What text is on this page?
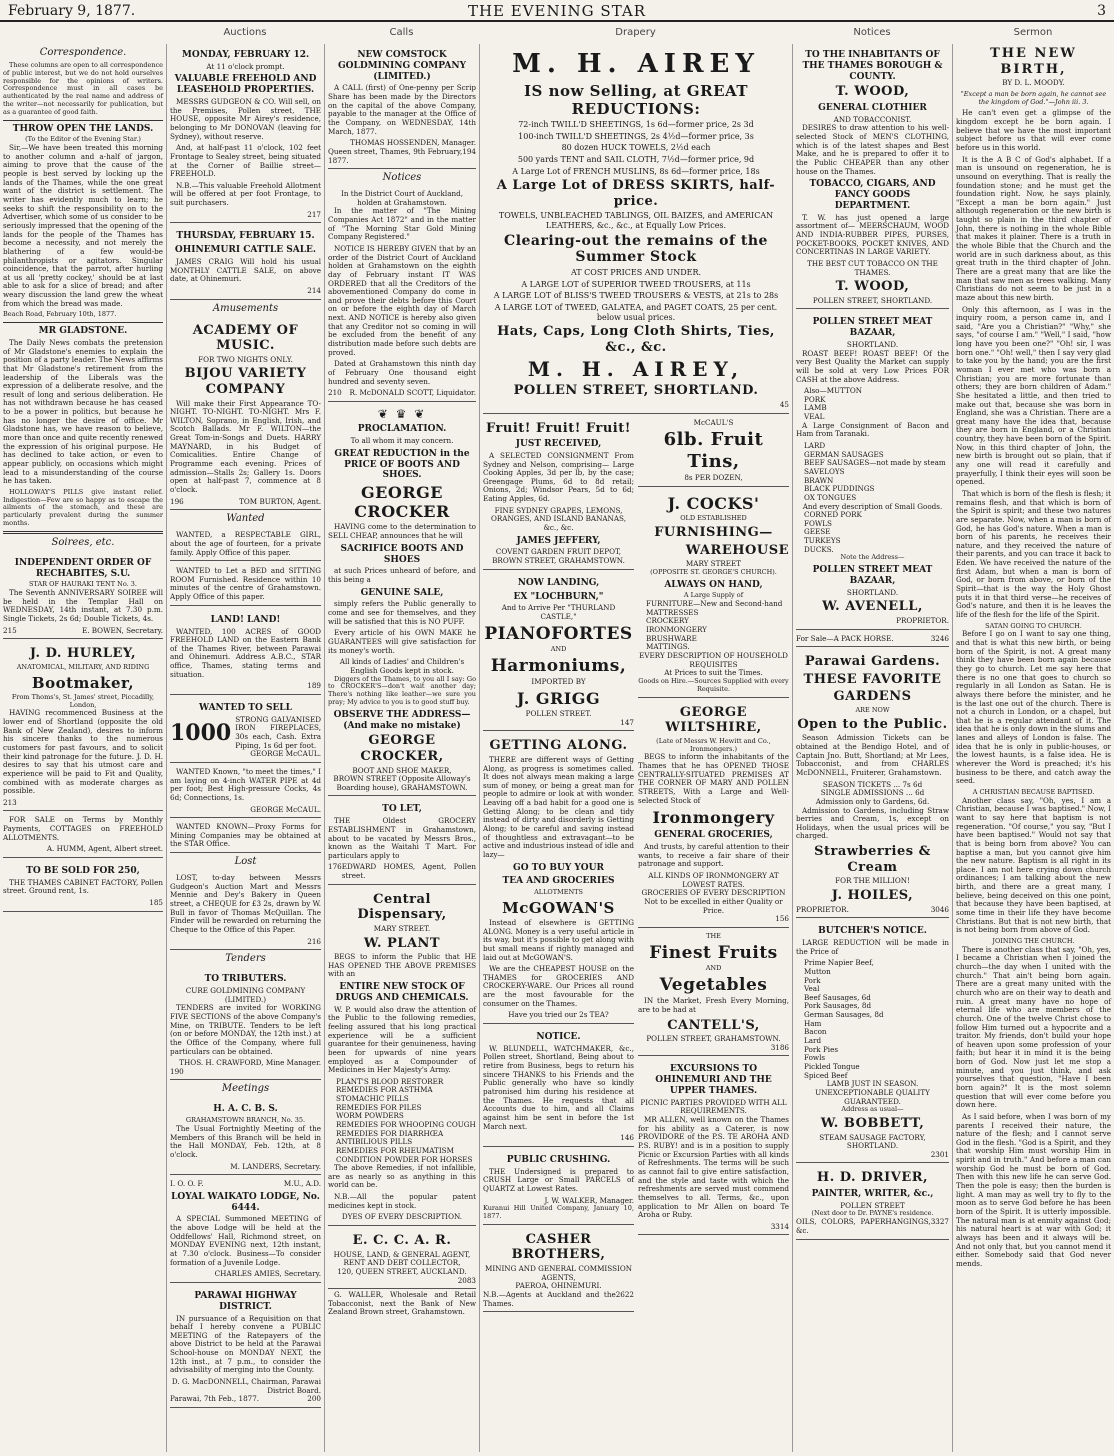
February 9, 1877.	THE EVENING STAR	3
Auctions	Calls	Drapery	Notices	Sermon
Correspondence.
These columns are open to all correspondence of public interest, but we do not hold ourselves responsible for the opinions of writers. Correspondence must in all cases be authenticated by the real name and address of the writer—not necessarily for publication, but as a guarantee of good faith.
THROW OPEN THE LANDS.
(To the Editor of the Evening Star.)
Sir,—We have been treated this morning to another column and a-half of jargon, aiming to prove that the cause of the people is best served by locking up the lands of the Thames, while the one great want of the district is settlement. The writer has evidently much to learn; he seeks to shift the responsibility on to the Advertiser, which some of us consider to be seriously impressed that the opening of the lands for the people of the Thames has become a necessity, and not merely the blathering of a few would-be philanthropists or agitators. Singular coincidence, that the parrot, after hurling at us all 'pretty cockey,' should be at last able to ask for a slice of bread; and after weary discussion the land grew the wheat from which the bread was made.
Beach Road, February 10th, 1877.
MR GLADSTONE.
The Daily News combats the pretension of Mr Gladstone's enemies to explain the position of a party leader. The News affirms that Mr Gladstone's retirement from the leadership of the Liberals was the expression of a deliberate resolve, and the result of long and serious deliberation. He has not withdrawn because he has ceased to be a power in politics, but because he has no longer the desire of office. Mr Gladstone has, we have reason to believe, more than once and quite recently renewed the expression of his original purpose. He has declined to take action, or even to appear publicly, on occasions which might lead to a misunderstanding of the course he has taken.
HOLLOWAY'S PILLS give instant relief. Indigestion—Few are so happy as to escape the ailments of the stomach, and these are particularly prevalent during the summer months.
Soirees, etc.
INDEPENDENT ORDER OF RECHABITES, S.U.
STAR OF HAURAKI TENT No. 3.
The Seventh ANNIVERSARY SOIREE will be held in the Templar Hall on WEDNESDAY, 14th instant, at 7.30 p.m. Single Tickets, 2s 6d; Double Tickets, 4s.
215	E. BOWEN, Secretary.
J. D. HURLEY,
ANATOMICAL, MILITARY, AND RIDING
Bootmaker,
From Thoms's, St. James' street, Piccadilly, London,
HAVING recommenced Business at the lower end of Shortland (opposite the old Bank of New Zealand), desires to inform his sincere thanks to the numerous customers for past favours, and to solicit their kind patronage for the future. J. D. H. desires to say that his utmost care and experience will be paid to Fit and Quality, combined with as moderate charges as possible.
213
FOR SALE on Terms by Monthly Payments, COTTAGES on FREEHOLD ALLOTMENTS.
A. HUMM, Agent, Albert street.
TO BE SOLD FOR 250,
THE THAMES CABINET FACTORY, Pollen street. Ground rent, 1s.
185
MONDAY, FEBRUARY 12.
At 11 o'clock prompt.
VALUABLE FREEHOLD AND LEASEHOLD PROPERTIES.
MESSRS GUDGEON & CO. Will sell, on the Premises, Pollen street, THE HOUSE, opposite Mr Airey's residence, belonging to Mr DONOVAN (leaving for Sydney), without reserve.
And, at half-past 11 o'clock, 102 feet Frontage to Sealey street, being situated at the Corner of Baillie street—FREEHOLD.
N.B.—This valuable Freehold Allotment will be offered at per foot Frontage, to suit purchasers.
217
THURSDAY, FEBRUARY 15.
OHINEMURI CATTLE SALE.
JAMES CRAIG Will hold his usual MONTHLY CATTLE SALE, on above date, at Ohinemuri.
214
Amusements
ACADEMY OF MUSIC.
FOR TWO NIGHTS ONLY.
BIJOU VARIETY COMPANY
Will make their First Appearance TO-NIGHT. TO-NIGHT. TO-NIGHT. Mrs F. WILTON, Soprano, in English, Irish, and Scotch Ballads. Mr F. WILTON—the Great Tom-in-Songs and Duets. HARRY MAYNARD, in his Budget of Comicalities. Entire Change of Programme each evening. Prices of admission—Stalls 2s; Gallery 1s. Doors open at half-past 7, commence at 8 o'clock.
196	TOM BURTON, Agent.
Wanted
WANTED, a RESPECTABLE GIRL, about the age of fourteen, for a private family. Apply Office of this paper.
WANTED to Let a BED and SITTING ROOM Furnished. Residence within 10 minutes of the centre of Grahamstown. Apply Office of this paper.
LAND! LAND!
WANTED, 100 ACRES of GOOD FREEHOLD LAND on the Eastern Bank of the Thames River, between Parawai and Ohinemuri. Address A.B.C., STAR office, Thames, stating terms and situation.
189
WANTED TO SELL
1000
STRONG GALVANISED IRON FIREPLACES, 30s each, Cash. Extra Piping, 1s 6d per foot.
GEORGE McCAUL.
WANTED Known, "to meet the times," I am laying on 4-inch WATER PIPE at 4d per foot; Best High-pressure Cocks, 4s 6d; Connections, 1s.
GEORGE McCAUL.
WANTED KNOWN—Proxy Forms for Mining Companies may be obtained at the STAR Office.
Lost
LOST, to-day between Messrs Gudgeon's Auction Mart and Messrs Mennie and Dey's Bakery in Queen street, a CHEQUE for £3 2s, drawn by W. Bull in favor of Thomas McQuillan. The Finder will be rewarded on returning the Cheque to the Office of this Paper.
216
Tenders
TO TRIBUTERS.
CURE GOLDMINING COMPANY (LIMITED.)
TENDERS are invited for WORKING FIVE SECTIONS of the above Company's Mine, on TRIBUTE. Tenders to be left (on or before MONDAY, the 12th inst.) at the Office of the Company, where full particulars can be obtained.
THOS. H. CRAWFORD, Mine Manager.
190
Meetings
H. A. C. B. S.
GRAHAMSTOWN BRANCH, No. 35.
The Usual Fortnightly Meeting of the Members of this Branch will be held in the Hall MONDAY, Feb. 12th, at 8 o'clock.
M. LANDERS, Secretary.
I. O. O. F.	M.U., A.D.
LOYAL WAIKATO LODGE, No. 6444.
A SPECIAL Summoned MEETING of the above Lodge will be held at the Oddfellows' Hall, Richmond street, on MONDAY EVENING next, 12th instant, at 7.30 o'clock. Business—To consider formation of a Juvenile Lodge.
CHARLES AMIES, Secretary.
PARAWAI HIGHWAY DISTRICT.
IN pursuance of a Requisition on that behalf I hereby convene a PUBLIC MEETING of the Ratepayers of the above District to be held at the Parawai School-house on MONDAY NEXT, the 12th inst., at 7 p.m., to consider the advisability of merging into the County.
D. G. MacDONNELL, Chairman, Parawai District Board.
Parawai, 7th Feb., 1877.	200
NEW COMSTOCK GOLDMINING COMPANY (LIMITED.)
A CALL (first) of One-penny per Scrip Share has been made by the Directors on the capital of the above Company, payable to the manager at the Office of the Company, on WEDNESDAY, 14th March, 1877.
THOMAS HOSSENDEN, Manager.
Queen street, Thames, 9th February, 1877.
194
Notices
In the District Court of Auckland, holden at Grahamstown.
In the matter of "The Mining Companies Act 1872" and in the matter of "The Morning Star Gold Mining Company Registered."
NOTICE IS HEREBY GIVEN that by an order of the District Court of Auckland holden at Grahamstown on the eighth day of February instant IT WAS ORDERED that all the Creditors of the abovementioned Company do come in and prove their debts before this Court on or before the eighth day of March next. AND NOTICE is hereby also given that any Creditor not so coming in will be excluded from the benefit of any distribution made before such debts are proved.
Dated at Grahamstown this ninth day of February One thousand eight hundred and seventy seven.
210 R. McDONALD SCOTT, Liquidator.
❦ ♛ ❦
PROCLAMATION.
To all whom it may concern.
GREAT REDUCTION in the PRICE OF BOOTS AND SHOES.
GEORGE CROCKER
HAVING come to the determination to SELL CHEAP, announces that he will
SACRIFICE BOOTS AND SHOES
at such Prices unheard of before, and this being a
GENUINE SALE,
simply refers the Public generally to come and see for themselves, and they will be satisfied that this is NO PUFF.
Every article of his OWN MAKE he GUARANTEES will give satisfaction for its money's worth.
All kinds of Ladies' and Children's English Goods kept in stock.
Diggers of the Thames, to you all I say: Go to CROCKER'S—don't wait another day; There's nothing like leather—we sure you pray; My advice to you is to good stuff buy.
OBSERVE THE ADDRESS—(And make no mistake)
GEORGE CROCKER,
BOOT AND SHOE MAKER,
BROWN STREET (Opposite Alloway's Boarding house), GRAHAMSTOWN.
TO LET,
THE Oldest GROCERY ESTABLISHMENT in Grahamstown, about to be vacated by Messrs Bros., known as the Waitahi T Mart. For particulars apply to
176 EDWARD HOMES, Agent, Pollen street.
Central Dispensary,
MARY STREET.
W. PLANT
BEGS to inform the Public that HE HAS OPENED THE ABOVE PREMISES with an
ENTIRE NEW STOCK OF DRUGS AND CHEMICALS.
W. P. would also draw the attention of the Public to the following remedies, feeling assured that his long practical experience will be a sufficient guarantee for their genuineness, having been for upwards of nine years employed as a Compounder of Medicines in Her Majesty's Army.
PLANT'S BLOOD RESTORER
REMEDIES FOR ASTHMA
STOMACHIC PILLS
REMEDIES FOR PILES
WORM POWDERS
REMEDIES FOR WHOOPING COUGH
REMEDIES FOR DIARRHŒA
ANTIBILIOUS PILLS
REMEDIES FOR RHEUMATISM
CONDITION POWDER FOR HORSES
The above Remedies, if not infallible, are as nearly so as anything in this world can be.
N.B.—All the popular patent medicines kept in stock.
DYES OF EVERY DESCRIPTION.
E. C. C. A. R.
HOUSE, LAND, & GENERAL AGENT, RENT AND DEBT COLLECTOR,
120, QUEEN STREET, AUCKLAND.
2083
G. WALLER, Wholesale and Retail Tobacconist, next the Bank of New Zealand Brown street, Grahamstown.
M. H. AIREY
IS now Selling, at GREAT REDUCTIONS:
72-inch TWILL'D SHEETINGS, 1s 6d—former price, 2s 3d
100-inch TWILL'D SHEETINGS, 2s 4½d—former price, 3s
80 dozen HUCK TOWELS, 2½d each
500 yards TENT and SAIL CLOTH, 7½d—former price, 9d
A Large Lot of FRENCH MUSLINS, 8s 6d—former price, 18s
A Large Lot of DRESS SKIRTS, half-price.
TOWELS, UNBLEACHED TABLINGS, OIL BAIZES, and AMERICAN LEATHERS, &c., &c., at Equally Low Prices.
Clearing-out the remains of the Summer Stock
AT COST PRICES AND UNDER.
A LARGE LOT of SUPERIOR TWEED TROUSERS, at 11s
A LARGE LOT of BLISS'S TWEED TROUSERS & VESTS, at 21s to 28s
A LARGE LOT of TWEED, GALATEA, and PAGET COATS, 25 per cent. below usual prices.
Hats, Caps, Long Cloth Shirts, Ties, &c., &c.
M. H. AIREY,
POLLEN STREET, SHORTLAND.
45
Fruit! Fruit! Fruit!
JUST RECEIVED,
A SELECTED CONSIGNMENT From Sydney and Nelson, comprising— Large Cooking Apples, 3d per lb, by the case; Greengage Plums, 6d to 8d retail; Onions, 2d; Windsor Pears, 5d to 6d; Eating Apples, 6d.
FINE SYDNEY GRAPES, LEMONS, ORANGES, AND ISLAND BANANAS, &c., &c.
JAMES JEFFERY,
COVENT GARDEN FRUIT DEPOT, BROWN STREET, GRAHAMSTOWN.
NOW LANDING,
EX "LOCHBURN,"
And to Arrive Per "THURLAND CASTLE,"
PIANOFORTES
AND
Harmoniums,
IMPORTED BY
J. GRIGG
POLLEN STREET.
147
GETTING ALONG.
THERE are different ways of Getting Along, as progress is sometimes called. It does not always mean making a large sum of money, or being a great man for people to admire or look at with wonder. Leaving off a bad habit for a good one is Getting Along; to be clean and tidy instead of dirty and disorderly is Getting Along; to be careful and saving instead of thoughtless and extravagant—to be active and industrious instead of idle and lazy—
GO TO BUY YOUR
TEA AND GROCERIES
ALLOTMENTS
McGOWAN'S
Instead of elsewhere is GETTING ALONG. Money is a very useful article in its way, but it's possible to get along with but small means if rightly managed and laid out at McGOWAN'S.
We are the CHEAPEST HOUSE on the THAMES for GROCERIES AND CROCKERY-WARE. Our Prices all round are the most favourable for the consumer on the Thames.
Have you tried our 2s TEA?
NOTICE.
W. BLUNDELL, WATCHMAKER, &c., Pollen street, Shortland, Being about to retire from Business, begs to return his sincere THANKS to his Friends and the Public generally who have so kindly patronised him during his residence at the Thames. He requests that all Accounts due to him, and all Claims against him be sent in before the 1st March next.
146
PUBLIC CRUSHING.
THE Undersigned is prepared to CRUSH Large or Small PARCELS of QUARTZ at Lowest Rates.
J. W. WALKER, Manager.
Kuranui Hill United Company, January 10, 1877.
CASHER BROTHERS,
MINING AND GENERAL COMMISSION AGENTS,
PAEROA, OHINEMURI.
N.B.—Agents at Auckland and the Thames.
2622
McCAUL'S
6lb. Fruit Tins,
8s PER DOZEN,
J. COCKS'
OLD ESTABLISHED
FURNISHING—
WAREHOUSE
MARY STREET
(OPPOSITE ST. GEORGE'S CHURCH).
ALWAYS ON HAND,
A Large Supply of
FURNITURE—New and Second-hand
MATTRESSES
CROCKERY
IRONMONGERY
BRUSHWARE
MATTINGS.
EVERY DESCRIPTION OF HOUSEHOLD REQUISITES
At Prices to suit the Times.
Goods on Hire.—Sources Supplied with every Requisite.
GEORGE WILTSHIRE,
(Late of Messrs W. Hewitt and Co., Ironmongers.)
BEGS to inform the inhabitants of the Thames that he has OPENED THOSE CENTRALLY-SITUATED PREMISES AT THE CORNER OF MARY AND POLLEN STREETS, With a Large and Well-selected Stock of
Ironmongery
GENERAL GROCERIES,
And trusts, by careful attention to their wants, to receive a fair share of their patronage and support.
ALL KINDS OF IRONMONGERY AT LOWEST RATES.
GROCERIES OF EVERY DESCRIPTION Not to be excelled in either Quality or Price.
156
THE
Finest Fruits
AND
Vegetables
IN the Market, Fresh Every Morning, are to be had at
CANTELL'S,
POLLEN STREET, GRAHAMSTOWN.
3186
EXCURSIONS TO OHINEMURI AND THE UPPER THAMES.
PICNIC PARTIES PROVIDED WITH ALL REQUIREMENTS.
MR ALLEN, well known on the Thames for his ability as a Caterer, is now PROVIDORE of the P.S. TE AROHA AND P.S. RUBY! and is in a position to supply Picnic or Excursion Parties with all kinds of Refreshments. The terms will be such as cannot fail to give entire satisfaction, and the style and taste with which the refreshments are served must commend themselves to all. Terms, &c., upon application to Mr Allen on board Te Aroha or Ruby.
3314
TO THE INHABITANTS OF THE THAMES BOROUGH & COUNTY.
T. WOOD,
GENERAL CLOTHIER
AND TOBACCONIST.
DESIRES to draw attention to his well-selected Stock of MEN'S CLOTHING, which is of the latest shapes and Best Make, and he is prepared to offer it to the Public CHEAPER than any other house on the Thames.
TOBACCO, CIGARS, AND FANCY GOODS DEPARTMENT.
T. W. has just opened a large assortment of— MEERSCHAUM, WOOD AND INDIA-RUBBER PIPES, PURSES, POCKET-BOOKS, POCKET KNIVES, AND CONCERTINAS IN LARGE VARIETY.
THE BEST CUT TOBACCO ON THE THAMES.
T. WOOD,
POLLEN STREET, SHORTLAND.
POLLEN STREET MEAT BAZAAR,
SHORTLAND.
ROAST BEEF! ROAST BEEF! Of the very Best Quality the Market can supply will be sold at very Low Prices FOR CASH at the above Address.
Also—MUTTON
PORK
LAMB
VEAL
A Large Consignment of Bacon and Ham from Taranaki.
LARD
GERMAN SAUSAGES
BEEF SAUSAGES—not made by steam
SAVELOYS
BRAWN
BLACK PUDDINGS
OX TONGUES
And every description of Small Goods.
CORNED PORK
FOWLS
GEESE
TURKEYS
DUCKS.
Note the Address—
POLLEN STREET MEAT BAZAAR,
SHORTLAND.
W. AVENELL,
PROPRIETOR.
For Sale—A PACK HORSE.	3246
Parawai Gardens.
THESE FAVORITE
GARDENS
ARE NOW
Open to the Public.
Season Admission Tickets can be obtained at the Bendigo Hotel, and of Captain Jno. Butt, Shortland; at Mr Lees, Tobacconist, and from CHARLES McDONNELL, Fruiterer, Grahamstown.
SEASON TICKETS ... 7s 6d
SINGLE ADMISSIONS ... 6d
Admission only to Gardens, 6d.
Admission to Gardens, including Straw berries and Cream, 1s, except on Holidays, when the usual prices will be charged.
Strawberries & Cream
FOR THE MILLION!
J. HOILES,
PROPRIETOR.	3046
BUTCHER'S NOTICE.
LARGE REDUCTION will be made in the Price of
Prime Napier Beef,
Mutton
Pork
Veal
Beef Sausages, 6d
Pork Sausages, 8d
German Sausages, 8d
Ham
Bacon
Lard
Pork Pies
Fowls
Pickled Tongue
Spiced Beef
LAMB JUST IN SEASON.
UNEXCEPTIONABLE QUALITY GUARANTEED.
Address as usual—
W. BOBBETT,
STEAM SAUSAGE FACTORY,
SHORTLAND.
2301
H. D. DRIVER,
PAINTER, WRITER, &c.,
POLLEN STREET
(Next door to Dr. PAYNE's residence.
OILS, COLORS, PAPERHANGINGS, &c.
3327
THE NEW BIRTH,
BY D. L. MOODY.
"Except a man be born again, he cannot see the kingdom of God."—John iii. 3.
He can't even get a glimpse of the kingdom except he be born again. I believe that we have the most important subject before us that will ever come before us in this world.
It is the A B C of God's alphabet. If a man is unsound on regeneration, he is unsound on everything. That is really the foundation stone; and he must get the foundation right. Now, he says plainly, "Except a man be born again." Just although regeneration or the new birth is taught so plain in the third chapter of John, there is nothing in the whole Bible that makes it plainer. There is a truth in the whole Bible that the Church and the world are in such darkness about, as this great truth in the third chapter of John. There are a great many that are like the man that saw men as trees walking. Many Christians do not seem to be just in a maze about this new birth.
Only this afternoon, as I was in the inquiry room, a person came in, and I said, "Are you a Christian?" "Why," she says, "of course I am." "Well," I said, "how long have you been one?" "Oh! sir, I was born one." "Oh! well," then I say very glad to take you by the hand; you are the first woman I ever met who was born a Christian; you are more fortunate than others; they are born children of Adam." She hesitated a little, and then tried to make out that, because she was born in England, she was a Christian. There are a great many have the idea that, because they are born in England, or a Christian country, they have been born of the Spirit. Now, in this third chapter of John, the new birth is brought out so plain, that if any one will read it carefully and prayerfully, I think their eyes will soon be opened.
That which is born of the flesh is flesh; it remains flesh, and that which is born of the Spirit is spirit; and these two natures are separate. Now, when a man is born of God, he has God's nature. When a man is born of his parents, he receives their nature, and they received the nature of their parents, and you can trace it back to Eden. We have received the nature of the first Adam, but when a man is born of God, or born from above, or born of the Spirit—that is the way the Holy Ghost puts it in that third verse—he receives of God's nature, and then it is he leaves the life of the flesh for the life of the Spirit.
SATAN GOING TO CHURCH.
Before I go on I want to say one thing, and that is what this new birth, or being born of the Spirit, is not. A great many think they have been born again because they go to church. Let me say here that there is no one that goes to church so regularly in all London as Satan. He is always there before the minister, and he is the last one out of the church. There is not a church in London, or a chapel, but that he is a regular attendant of it. The idea that he is only down in the slums and lanes and alleys of London is false. The idea that he is only in public-houses, or the lowest haunts, is a false idea. He is wherever the Word is preached; it's his business to be there, and catch away the seed.
A CHRISTIAN BECAUSE BAPTISED.
Another class say, "Oh, yes, I am a Christian, because I was baptised." Now, I want to say here that baptism is not regeneration. "Of course," you say, "But I have been baptised." Would not say that that is being born from above? You can baptise a man, but you cannot give him the new nature. Baptism is all right in its place. I am not here crying down church ordinances; I am talking about the new birth, and there are a great many, I believe, being deceived on this one point, that because they have been baptised, at some time in their life they have become Christians. But that is not new birth, that is not being born from above of God.
JOINING THE CHURCH.
There is another class that say, "Oh, yes, I became a Christian when I joined the church—the day when I united with the church." That ain't being born again. There are a great many united with the church who are on their way to death and ruin. A great many have no hope of eternal life who are members of the church. One of the twelve Christ chose to follow Him turned out a hypocrite and a traitor. My friends, don't build your hope of heaven upon some profession of your faith; but hear it in mind it is the being born of God. Now just let me stop a minute, and you just think, and ask yourselves that question, "Have I been born again?" It is the most solemn question that will ever come before you down here.
As I said before, when I was born of my parents I received their nature, the nature of the flesh; and I cannot serve God in the flesh. "God is a Spirit, and they that worship Him must worship Him in spirit and in truth." And before a man can worship God he must be born of God. Then with this new life he can serve God. Then the pole is easy; then the burden is light. A man may as well try to fly to the moon as to serve God before he has been born of the Spirit. It is utterly impossible. The natural man is at enmity against God; his natural heart is at war with God; it always has been and it always will be. And not only that, but you cannot mend it either. Somebody said that God never mends.
